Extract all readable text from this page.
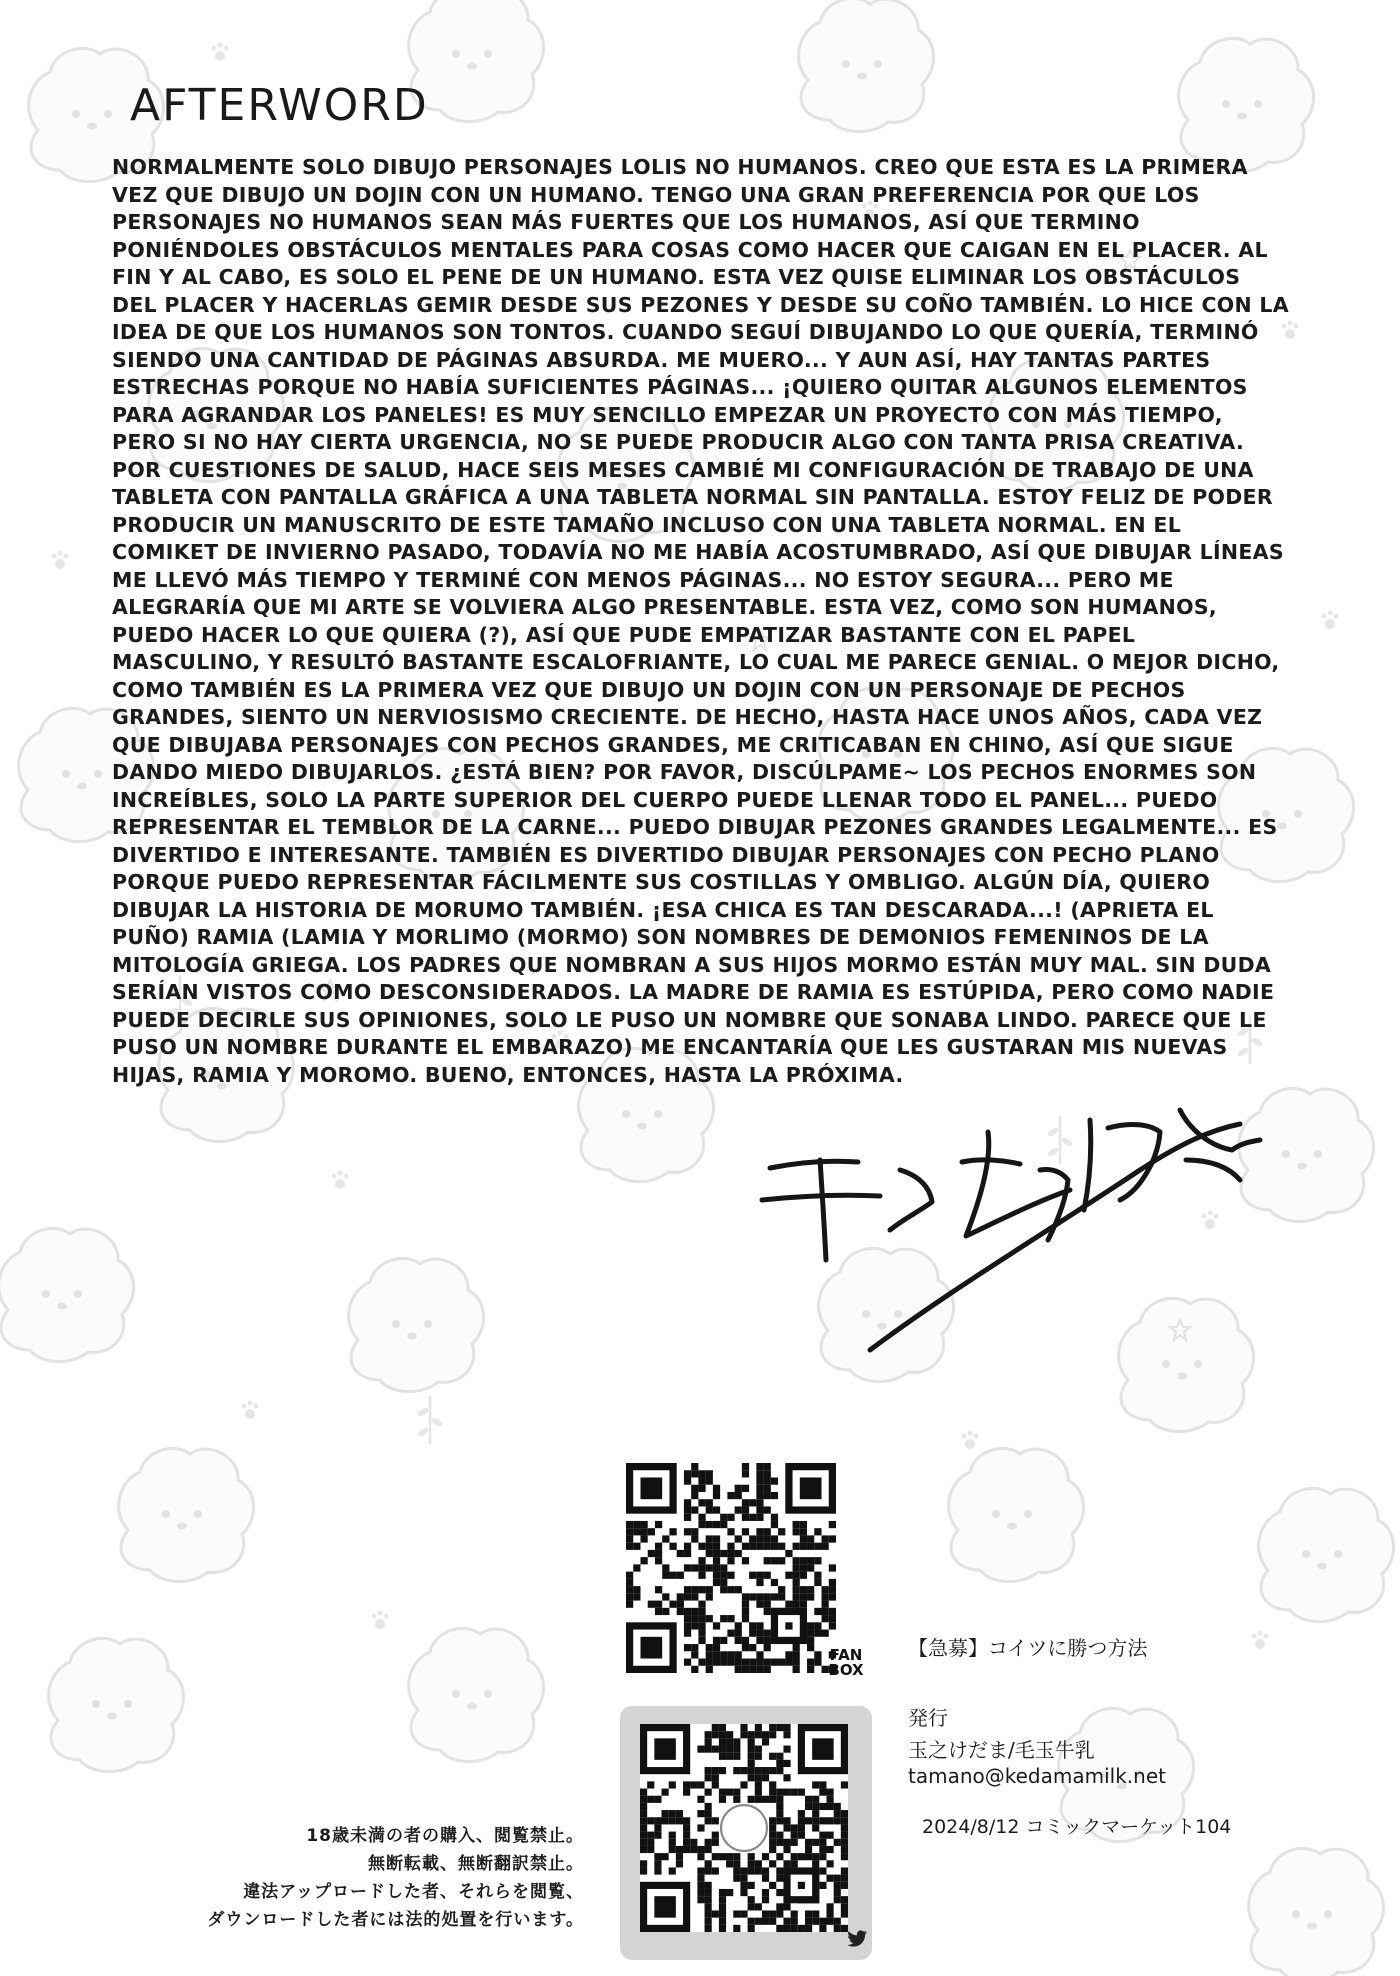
AFTERWORD

NORMALMENTE SOLO DIBUJO PERSONAJES LOLIS NO HUMANOS. CREO QUE ESTA ES LA PRIMERA VEZ QUE DIBUJO UN DOJIN CON UN HUMANO. TENGO UNA GRAN PREFERENCIA POR QUE LOS PERSONAJES NO HUMANOS SEAN MÁS FUERTES QUE LOS HUMANOS, ASÍ QUE TERMINO PONIÉNDOLES OBSTÁCULOS MENTALES PARA COSAS COMO HACER QUE CAIGAN EN EL PLACER. AL FIN Y AL CABO, ES SOLO EL PENE DE UN HUMANO. ESTA VEZ QUISE ELIMINAR LOS OBSTÁCULOS DEL PLACER Y HACERLAS GEMIR DESDE SUS PEZONES Y DESDE SU COÑO TAMBIÉN. LO HICE CON LA IDEA DE QUE LOS HUMANOS SON TONTOS. CUANDO SEGUÍ DIBUJANDO LO QUE QUERÍA, TERMINÓ SIENDO UNA CANTIDAD DE PÁGINAS ABSURDA. ME MUERO... Y AUN ASÍ, HAY TANTAS PARTES ESTRECHAS PORQUE NO HABÍA SUFICIENTES PÁGINAS... ¡QUIERO QUITAR ALGUNOS ELEMENTOS PARA AGRANDAR LOS PANELES! ES MUY SENCILLO EMPEZAR UN PROYECTO CON MÁS TIEMPO, PERO SI NO HAY CIERTA URGENCIA, NO SE PUEDE PRODUCIR ALGO CON TANTA PRISA CREATIVA. POR CUESTIONES DE SALUD, HACE SEIS MESES CAMBIÉ MI CONFIGURACIÓN DE TRABAJO DE UNA TABLETA CON PANTALLA GRÁFICA A UNA TABLETA NORMAL SIN PANTALLA. ESTOY FELIZ DE PODER PRODUCIR UN MANUSCRITO DE ESTE TAMAÑO INCLUSO CON UNA TABLETA NORMAL. EN EL COMIKET DE INVIERNO PASADO, TODAVÍA NO ME HABÍA ACOSTUMBRADO, ASÍ QUE DIBUJAR LÍNEAS ME LLEVÓ MÁS TIEMPO Y TERMINÉ CON MENOS PÁGINAS... NO ESTOY SEGURA... PERO ME ALEGRARÍA QUE MI ARTE SE VOLVIERA ALGO PRESENTABLE. ESTA VEZ, COMO SON HUMANOS, PUEDO HACER LO QUE QUIERA (?), ASÍ QUE PUDE EMPATIZAR BASTANTE CON EL PAPEL MASCULINO, Y RESULTÓ BASTANTE ESCALOFRIANTE, LO CUAL ME PARECE GENIAL. O MEJOR DICHO, COMO TAMBIÉN ES LA PRIMERA VEZ QUE DIBUJO UN DOJIN CON UN PERSONAJE DE PECHOS GRANDES, SIENTO UN NERVIOSISMO CRECIENTE. DE HECHO, HASTA HACE UNOS AÑOS, CADA VEZ QUE DIBUJABA PERSONAJES CON PECHOS GRANDES, ME CRITICABAN EN CHINO, ASÍ QUE SIGUE DANDO MIEDO DIBUJARLOS. ¿ESTÁ BIEN? POR FAVOR, DISCÚLPAME~ LOS PECHOS ENORMES SON INCREÍBLES, SOLO LA PARTE SUPERIOR DEL CUERPO PUEDE LLENAR TODO EL PANEL... PUEDO REPRESENTAR EL TEMBLOR DE LA CARNE... PUEDO DIBUJAR PEZONES GRANDES LEGALMENTE... ES DIVERTIDO E INTERESANTE. TAMBIÉN ES DIVERTIDO DIBUJAR PERSONAJES CON PECHO PLANO PORQUE PUEDO REPRESENTAR FÁCILMENTE SUS COSTILLAS Y OMBLIGO. ALGÚN DÍA, QUIERO DIBUJAR LA HISTORIA DE MORUMO TAMBIÉN. ¡ESA CHICA ES TAN DESCARADA...! (APRIETA EL PUÑO) RAMIA (LAMIA Y MORLIMO (MORMO) SON NOMBRES DE DEMONIOS FEMENINOS DE LA MITOLOGÍA GRIEGA. LOS PADRES QUE NOMBRAN A SUS HIJOS MORMO ESTÁN MUY MAL. SIN DUDA SERÍAN VISTOS COMO DESCONSIDERADOS. LA MADRE DE RAMIA ES ESTÚPIDA, PERO COMO NADIE PUEDE DECIRLE SUS OPINIONES, SOLO LE PUSO UN NOMBRE QUE SONABA LINDO. PARECE QUE LE PUSO UN NOMBRE DURANTE EL EMBARAZO) ME ENCANTARÍA QUE LES GUSTARAN MIS NUEVAS HIJAS, RAMIA Y MOROMO. BUENO, ENTONCES, HASTA LA PRÓXIMA.

FAN
BOX
18歳未満の者の購入、閲覧禁止。
無断転載、無断翻訳禁止。
違法アップロードした者、それらを閲覧、
ダウンロードした者には法的処置を行います。
【急募】コイツに勝つ方法
発行
玉之けだま/毛玉牛乳
tamano@kedamamilk.net
2024/8/12 コミックマーケット104
